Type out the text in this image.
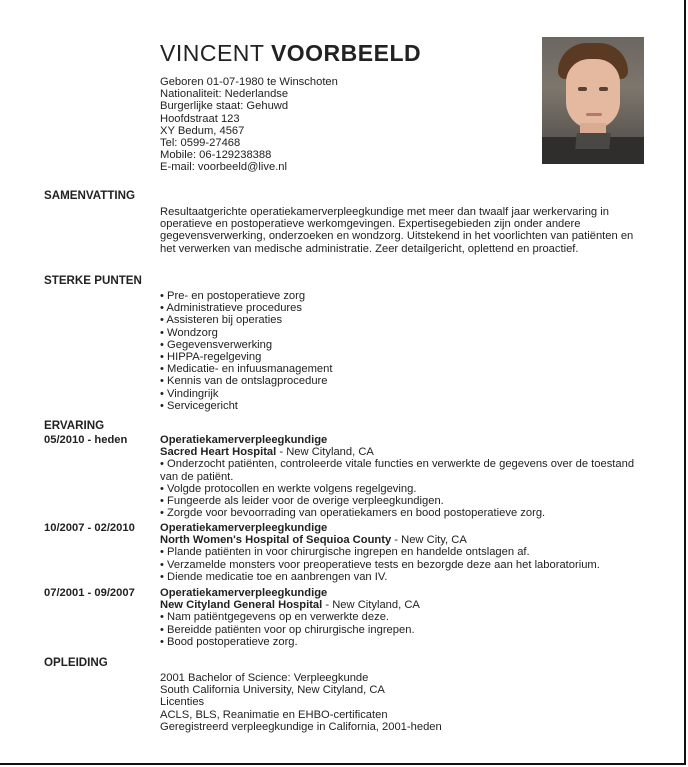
VINCENT VOORBEELD
Geboren 01-07-1980 te Winschoten
Nationaliteit: Nederlandse
Burgerlijke staat: Gehuwd
Hoofdstraat 123
XY Bedum, 4567
Tel: 0599-27468
Mobile: 06-129238388
E-mail: voorbeeld@live.nl
SAMENVATTING
Resultaatgerichte operatiekamerverpleegkundige met meer dan twaalf jaar werkervaring in operatieve en postoperatieve werkomgevingen. Expertisegebieden zijn onder andere gegevensverwerking, onderzoeken en wondzorg. Uitstekend in het voorlichten van patiënten en het verwerken van medische administratie. Zeer detailgericht, oplettend en proactief.
STERKE PUNTEN
• Pre- en postoperatieve zorg
• Administratieve procedures
• Assisteren bij operaties
• Wondzorg
• Gegevensverwerking
• HIPPA-regelgeving
• Medicatie- en infuusmanagement
• Kennis van de ontslagprocedure
• Vindingrijk
• Servicegericht
ERVARING
05/2010 - heden	Operatiekamerverpleegkundige
Sacred Heart Hospital - New Cityland, CA
• Onderzocht patiënten, controleerde vitale functies en verwerkte de gegevens over de toestand van de patiënt.
• Volgde protocollen en werkte volgens regelgeving.
• Fungeerde als leider voor de overige verpleegkundigen.
• Zorgde voor bevoorrading van operatiekamers en bood postoperatieve zorg.
10/2007 - 02/2010 Operatiekamerverpleegkundige
North Women's Hospital of Sequioa County - New City, CA
• Plande patiënten in voor chirurgische ingrepen en handelde ontslagen af.
• Verzamelde monsters voor preoperatieve tests en bezorgde deze aan het laboratorium.
• Diende medicatie toe en aanbrengen van IV.
07/2001 - 09/2007 Operatiekamerverpleegkundige
New Cityland General Hospital - New Cityland, CA
• Nam patiëntgegevens op en verwerkte deze.
• Bereidde patiënten voor op chirurgische ingrepen.
• Bood postoperatieve zorg.
OPLEIDING
2001 Bachelor of Science: Verpleegkunde
South California University, New Cityland, CA
Licenties
ACLS, BLS, Reanimatie en EHBO-certificaten
Geregistreerd verpleegkundige in California, 2001-heden
